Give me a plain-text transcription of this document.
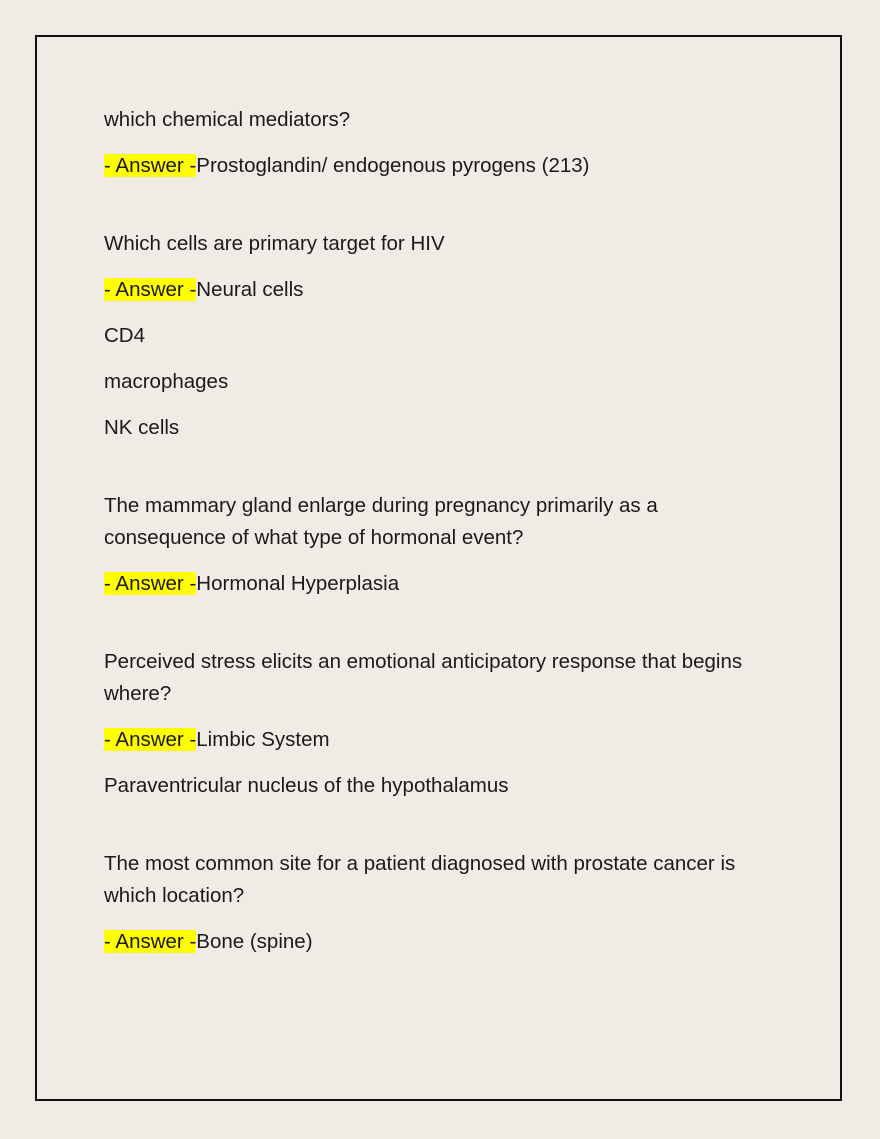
which chemical mediators?

- Answer -Prostoglandin/ endogenous pyrogens (213)

Which cells are primary target for HIV

- Answer -Neural cells

CD4

macrophages

NK cells

The mammary gland enlarge during pregnancy primarily as a consequence of what type of hormonal event?

- Answer -Hormonal Hyperplasia

Perceived stress elicits an emotional anticipatory response that begins where?

- Answer -Limbic System

Paraventricular nucleus of the hypothalamus

The most common site for a patient diagnosed with prostate cancer is which location?

- Answer -Bone (spine)
